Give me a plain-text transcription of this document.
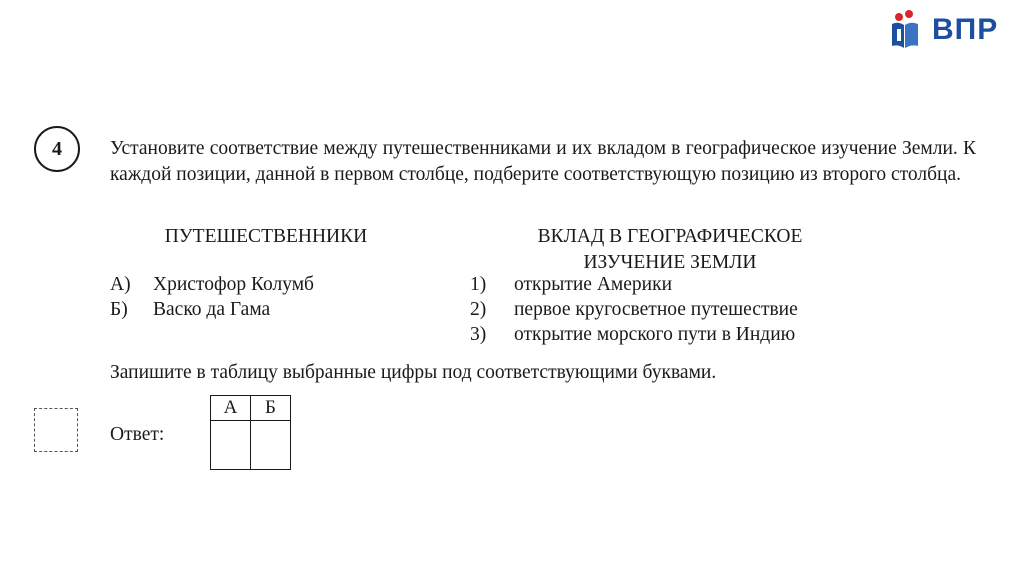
ВПР
4	Установите соответствие между путешественниками и их вкладом в географическое изучение Земли. К каждой позиции, данной в первом столбце, подберите соответствующую позицию из второго столбца.
ПУТЕШЕСТВЕННИКИ	ВКЛАД В ГЕОГРАФИЧЕСКОЕ
ИЗУЧЕНИЕ ЗЕМЛИ
А) Христофор Колумб
Б) Васко да Гама
1) открытие Америки
2) первое кругосветное путешествие
3) открытие морского пути в Индию
Запишите в таблицу выбранные цифры под соответствующими буквами.
Ответ:
А	Б
